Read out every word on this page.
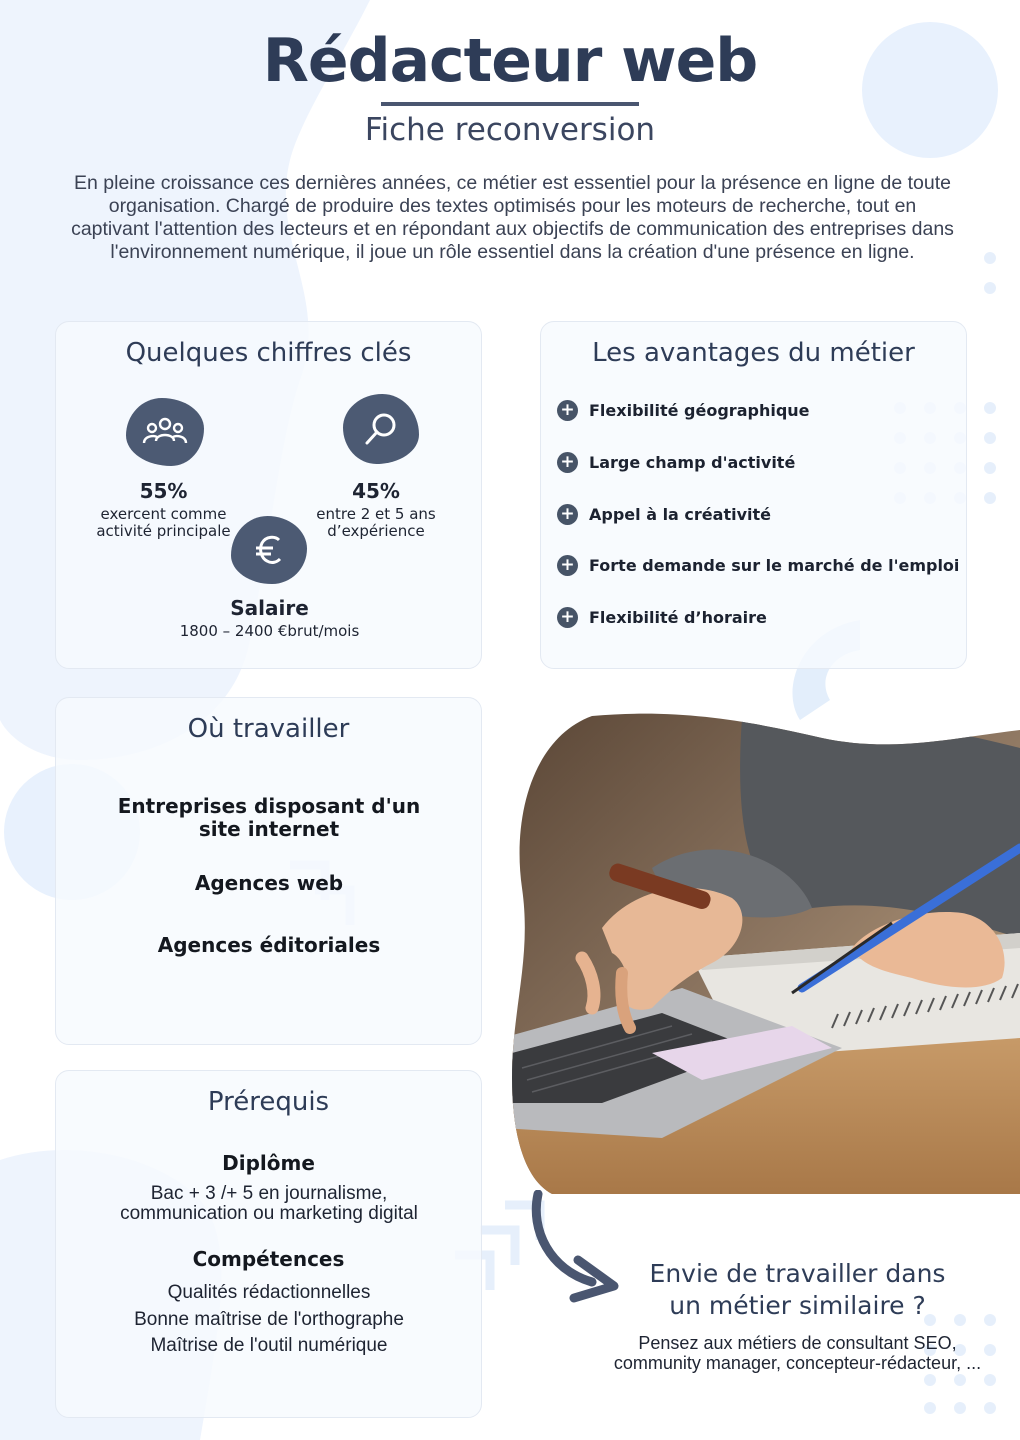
Rédacteur web
Fiche reconversion
En pleine croissance ces dernières années, ce métier est essentiel pour la présence en ligne de toute organisation. Chargé de produire des textes optimisés pour les moteurs de recherche, tout en captivant l'attention des lecteurs et en répondant aux objectifs de communication des entreprises dans l'environnement numérique, il joue un rôle essentiel dans la création d'une présence en ligne.
Quelques chiffres clés
55%
exercent comme
activité principale
45%
entre 2 et 5 ans
d’expérience
Salaire
1800 – 2400 €brut/mois
Les avantages du métier
+ Flexibilité géographique
+ Large champ d'activité
+ Appel à la créativité
+ Forte demande sur le marché de l'emploi
+ Flexibilité d’horaire
Où travailler
Entreprises disposant d'un site internet
Agences web
Agences éditoriales
Prérequis
Diplôme
Bac + 3 /+ 5 en journalisme,
communication ou marketing digital
Compétences
Qualités rédactionnelles
Bonne maîtrise de l'orthographe
Maîtrise de l'outil numérique
Envie de travailler dans
un métier similaire ?
Pensez aux métiers de consultant SEO, community manager, concepteur-rédacteur, ...
